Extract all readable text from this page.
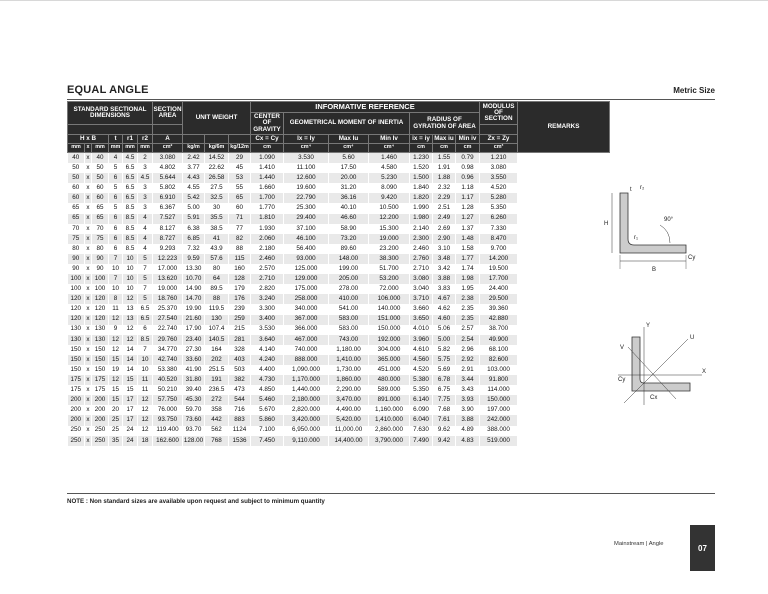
EQUAL ANGLE	Metric Size
STANDARD SECTIONAL DIMENSIONS						SECTION AREA	UNIT WEIGHT			INFORMATIVE REFERENCE							MODULUS OF SECTION	REMARKS
										CENTER OF GRAVITY	GEOMETRICAL MOMENT OF INERTIA			RADIUS OF GYRATION OF AREA				

H x B			t	r1	r2	A				Cx = Cy	Ix = Iy	Max Iu	Min Iv	ix = iy	Max iu	Min iv	Zx = Zy	
mm	x	mm	mm	mm	mm	cm²	kg/m	kg/6m	kg/12m	cm	cm⁴	cm⁴	cm⁴	cm	cm	cm	cm³	
40	x	40	4	4.5	2	3.080	2.42	14.52	29	1.090	3.530	5.60	1.460	1.230	1.55	0.79	1.210	
50	x	50	5	6.5	3	4.802	3.77	22.62	45	1.410	11.100	17.50	4.580	1.520	1.91	0.98	3.080	
50	x	50	6	6.5	4.5	5.644	4.43	26.58	53	1.440	12.600	20.00	5.230	1.500	1.88	0.96	3.550	
60	x	60	5	6.5	3	5.802	4.55	27.5	55	1.660	19.600	31.20	8.090	1.840	2.32	1.18	4.520	
60	x	60	6	6.5	3	6.910	5.42	32.5	65	1.700	22.790	36.16	9.420	1.820	2.29	1.17	5.280	
65	x	65	5	8.5	3	6.367	5.00	30	60	1.770	25.300	40.10	10.500	1.990	2.51	1.28	5.350	
65	x	65	6	8.5	4	7.527	5.91	35.5	71	1.810	29.400	46.60	12.200	1.980	2.49	1.27	6.260	
70	x	70	6	8.5	4	8.127	6.38	38.5	77	1.930	37.100	58.90	15.300	2.140	2.69	1.37	7.330	
75	x	75	6	8.5	4	8.727	6.85	41	82	2.060	46.100	73.20	19.000	2.300	2.90	1.48	8.470	
80	x	80	6	8.5	4	9.293	7.32	43.9	88	2.180	56.400	89.60	23.200	2.460	3.10	1.58	9.700	
90	x	90	7	10	5	12.223	9.59	57.6	115	2.460	93.000	148.00	38.300	2.760	3.48	1.77	14.200	
90	x	90	10	10	7	17.000	13.30	80	160	2.570	125.000	199.00	51.700	2.710	3.42	1.74	19.500	
100	x	100	7	10	5	13.620	10.70	64	128	2.710	129.000	205.00	53.200	3.080	3.88	1.98	17.700	
100	x	100	10	10	7	19.000	14.90	89.5	179	2.820	175.000	278.00	72.000	3.040	3.83	1.95	24.400	
120	x	120	8	12	5	18.760	14.70	88	176	3.240	258.000	410.00	106.000	3.710	4.67	2.38	29.500	
120	x	120	11	13	6.5	25.370	19.90	119.5	239	3.300	340.000	541.00	140.000	3.660	4.62	2.35	39.360	
120	x	120	12	13	6.5	27.540	21.60	130	259	3.400	367.000	583.00	151.000	3.650	4.60	2.35	42.880	
130	x	130	9	12	6	22.740	17.90	107.4	215	3.530	366.000	583.00	150.000	4.010	5.06	2.57	38.700	
130	x	130	12	12	8.5	29.760	23.40	140.5	281	3.640	467.000	743.00	192.000	3.960	5.00	2.54	49.900	
150	x	150	12	14	7	34.770	27.30	164	328	4.140	740.000	1,180.00	304.000	4.610	5.82	2.96	68.100	
150	x	150	15	14	10	42.740	33.60	202	403	4.240	888.000	1,410.00	365.000	4.560	5.75	2.92	82.600	
150	x	150	19	14	10	53.380	41.90	251.5	503	4.400	1,090.000	1,730.00	451.000	4.520	5.69	2.91	103.000	
175	x	175	12	15	11	40.520	31.80	191	382	4.730	1,170.000	1,860.00	480.000	5.380	6.78	3.44	91.800	
175	x	175	15	15	11	50.210	39.40	236.5	473	4.850	1,440.000	2,290.00	589.000	5.350	6.75	3.43	114.000	
200	x	200	15	17	12	57.750	45.30	272	544	5.460	2,180.000	3,470.00	891.000	6.140	7.75	3.93	150.000	
200	x	200	20	17	12	76.000	59.70	358	716	5.670	2,820.000	4,490.00	1,160.000	6.090	7.68	3.90	197.000	
200	x	200	25	17	12	93.750	73.60	442	883	5.860	3,420.000	5,420.00	1,410.000	6.040	7.61	3.88	242.000	
250	x	250	25	24	12	119.400	93.70	562	1124	7.100	6,950.000	11,000.00	2,860.000	7.630	9.62	4.89	388.000	
250	x	250	35	24	18	162.600	128.00	768	1536	7.450	9,110.000	14,400.00	3,790.000	7.490	9.42	4.83	519.000	
t r₂
r₁
90°
H
B
Cy
Y
U
V
X
Cx
Cy
NOTE : Non standard sizes are available upon request and subject to minimum quantity
Mainstream | Angle	07
